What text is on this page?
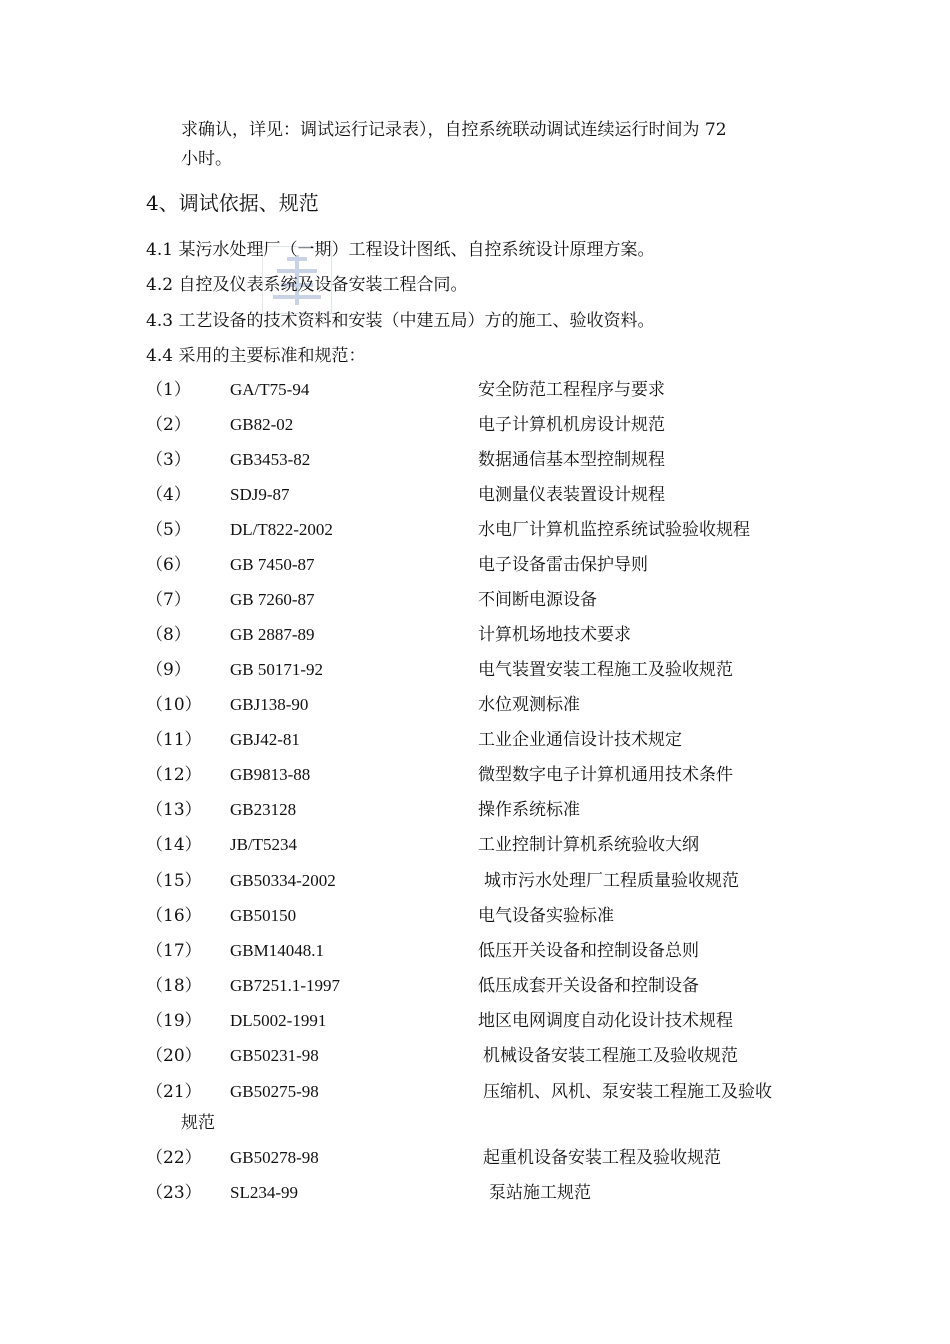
求确认，详见：调试运行记录表），自控系统联动调试连续运行时间为 72
小时。
4、调试依据、规范
4.1 某污水处理厂（一期）工程设计图纸、自控系统设计原理方案。
4.2 自控及仪表系统及设备安装工程合同。
4.3 工艺设备的技术资料和安装（中建五局）方的施工、验收资料。
4.4 采用的主要标准和规范：
（1） GA/T75-94	安全防范工程程序与要求
（2） GB82-02	电子计算机机房设计规范
（3） GB3453-82	数据通信基本型控制规程
（4） SDJ9-87	电测量仪表装置设计规程
（5） DL/T822-2002	水电厂计算机监控系统试验验收规程
（6） GB 7450-87	电子设备雷击保护导则
（7） GB 7260-87	不间断电源设备
（8） GB 2887-89	计算机场地技术要求
（9） GB 50171-92	电气装置安装工程施工及验收规范
（10） GBJ138-90	水位观测标准
（11） GBJ42-81	工业企业通信设计技术规定
（12） GB9813-88	微型数字电子计算机通用技术条件
（13） GB23128	操作系统标准
（14） JB/T5234	工业控制计算机系统验收大纲
（15） GB50334-2002	城市污水处理厂工程质量验收规范
（16） GB50150	电气设备实验标准
（17） GBM14048.1	低压开关设备和控制设备总则
（18） GB7251.1-1997	低压成套开关设备和控制设备
（19） DL5002-1991	地区电网调度自动化设计技术规程
（20） GB50231-98	机械设备安装工程施工及验收规范
（21） GB50275-98	压缩机、风机、泵安装工程施工及验收
规范
（22） GB50278-98	起重机设备安装工程及验收规范
（23） SL234-99	泵站施工规范
